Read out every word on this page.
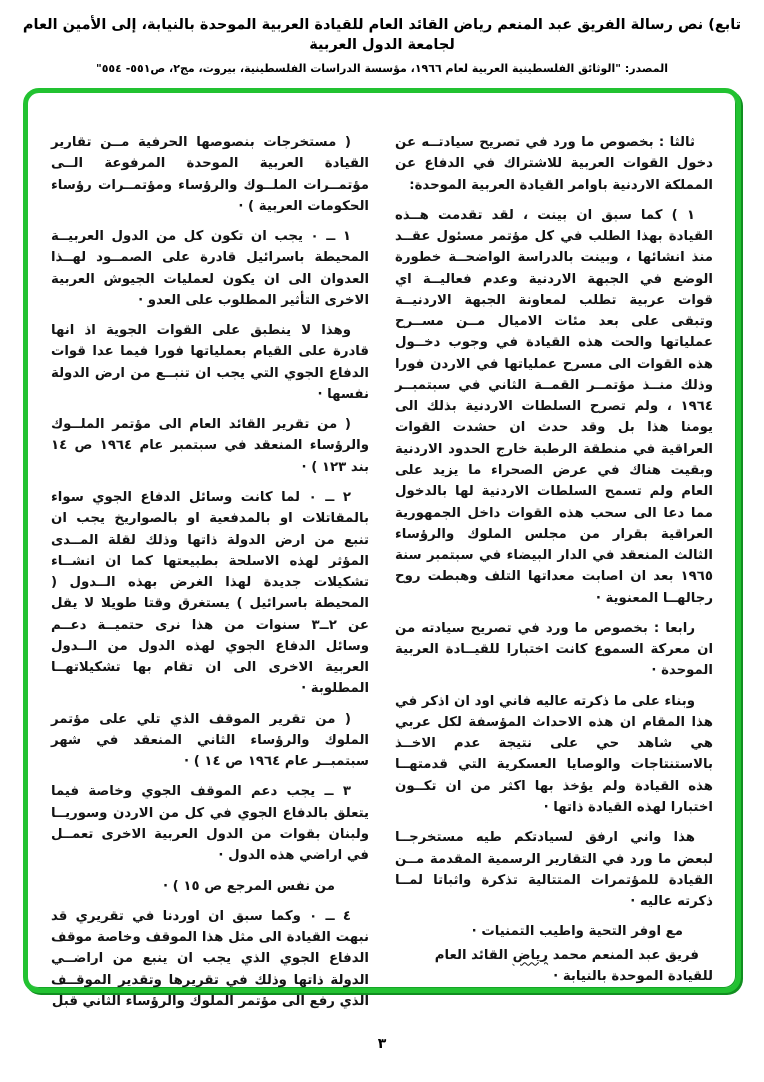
تابع) نص رسالة الفريق عبد المنعم رياض القائد العام للقيادة العربية الموحدة بالنيابة، إلى الأمين العام لجامعة الدول العربية
المصدر: "الوثائق الفلسطينية العربية لعام ١٩٦٦، مؤسسة الدراسات الفلسطينية، بيروت، مج٢، ص٥٥١- ٥٥٤"

ثالثا : بخصوص ما ورد في تصريح سيادتــه عن دخول القوات العربية للاشتراك في الدفاع عن المملكة الاردنية باوامر القيادة العربية الموحدة:

١ ) كما سبق ان بينت ، لقد تقدمت هــذه القيادة بهذا الطلب في كل مؤتمر مسئول عقــد منذ انشائها ، وبينت بالدراسة الواضحــة خطورة الوضع في الجبهة الاردنية وعدم فعاليــة اي قوات عربية تطلب لمعاونة الجبهة الاردنيــة وتبقى على بعد مئات الاميال مــن مســرح عملياتها والحت هذه القيادة في وجوب دخــول هذه القوات الى مسرح عملياتها في الاردن فورا وذلك منــذ مؤتمــر القمــة الثاني في سبتمبــر ١٩٦٤ ، ولم تصرح السلطات الاردنية بذلك الى يومنا هذا بل وقد حدث ان حشدت القوات العراقية في منطقة الرطبة خارج الحدود الاردنية وبقيت هناك في عرض الصحراء ما يزيد على العام ولم تسمح السلطات الاردنية لها بالدخول مما دعا الى سحب هذه القوات داخل الجمهورية العراقية بقرار من مجلس الملوك والرؤساء الثالث المنعقد في الدار البيضاء في سبتمبر سنة ١٩٦٥ بعد ان اصابت معداتها التلف وهبطت روح رجالهــا المعنوية ·

رابعا : بخصوص ما ورد في تصريح سيادته من ان معركة السموع كانت اختبارا للقيــادة العربية الموحدة ·

وبناء على ما ذكرته عاليه فاني اود ان اذكر في هذا المقام ان هذه الاحداث المؤسفة لكل عربي هي شاهد حي على نتيجة عدم الاخــذ بالاستنتاجات والوصايا العسكرية التي قدمتهــا هذه القيادة ولم يؤخذ بها اكثر من ان تكــون اختبارا لهذه القيادة ذاتها ·

هذا واني ارفق لسيادتكم طيه مستخرجــا لبعض ما ورد في التقارير الرسمية المقدمة مــن القيادة للمؤتمرات المتتالية تذكرة واثباتا لمــا ذكرته عاليه ·

مع اوفر التحية واطيب التمنيات ·

فريق عبد المنعم محمد رياض القائد العام

للقيادة الموحدة بالنيابة ·

( مستخرجات بنصوصها الحرفية مــن تقارير القيادة العربية الموحدة المرفوعة الــى مؤتمــرات الملــوك والرؤساء ومؤتمــرات رؤساء الحكومات العربية ) ·

١ ــ ٠ يجب ان تكون كل من الدول العربيــة المحيطة باسرائيل قادرة على الصمــود لهــذا العدوان الى ان يكون لعمليات الجيوش العربية الاخرى التأثير المطلوب على العدو ·

وهذا لا ينطبق على القوات الجوية اذ انها قادرة على القيام بعملياتها فورا فيما عدا قوات الدفاع الجوي التي يجب ان تنبــع من ارض الدولة نفسها ·

( من تقرير القائد العام الى مؤتمر الملــوك والرؤساء المنعقد في سبتمبر عام ١٩٦٤ ص ١٤ بند ١٢٣ ) ·

٢ ــ ٠ لما كانت وسائل الدفاع الجوي سواء بالمقاتلات او بالمدفعية او بالصواريخ يجب ان تنبع من ارض الدولة ذاتها وذلك لقلة المــدى المؤثر لهذه الاسلحة بطبيعتها كما ان انشــاء تشكيلات جديدة لهذا الغرض بهذه الــدول ( المحيطة باسرائيل ) يستغرق وقتا طويلا لا يقل عن ٢ــ٣ سنوات من هذا نرى حتميــة دعــم وسائل الدفاع الجوي لهذه الدول من الــدول العربية الاخرى الى ان تقام بها تشكيلاتهــا المطلوبة ·

( من تقرير الموقف الذي تلي على مؤتمر الملوك والرؤساء الثاني المنعقد في شهر سبتمبــر عام ١٩٦٤ ص ١٤ ) ·

٣ ــ يجب دعم الموقف الجوي وخاصة فيما يتعلق بالدفاع الجوي في كل من الاردن وسوريــا ولبنان بقوات من الدول العربية الاخرى تعمــل في اراضي هذه الدول ·

من نفس المرجع ص ١٥ ) ·

٤ ــ ٠ وكما سبق ان اوردنا في تقريري قد نبهت القيادة الى مثل هذا الموقف وخاصة موقف الدفاع الجوي الذي يجب ان ينبع من اراضــي الدولة ذاتها وذلك في تقريرها وتقدير الموقــف الذي رفع الى مؤتمر الملوك والرؤساء الثاني قبل

٣
